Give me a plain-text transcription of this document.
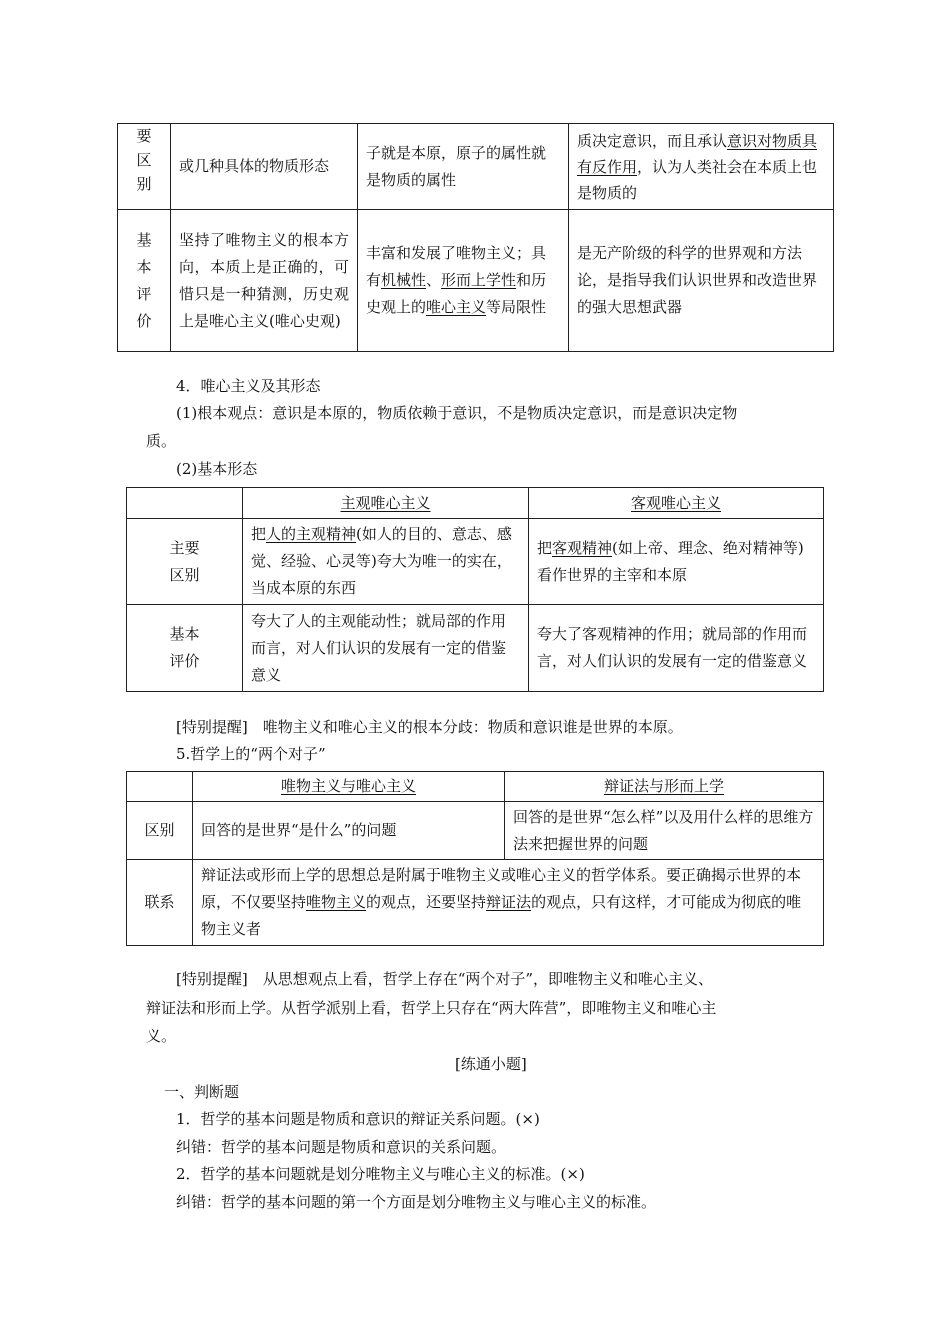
要
区
别	或几种具体的物质形态	子就是本原，原子的属性就是物质的属性	质决定意识，而且承认意识对物质具有反作用，认为人类社会在本质上也是物质的
基
本
评
价	坚持了唯物主义的根本方向，本质上是正确的，可惜只是一种猜测，历史观上是唯心主义(唯心史观)	丰富和发展了唯物主义；具有机械性、形而上学性和历史观上的唯心主义等局限性	是无产阶级的科学的世界观和方法论，是指导我们认识世界和改造世界的强大思想武器
4．唯心主义及其形态
(1)根本观点：意识是本原的，物质依赖于意识，不是物质决定意识，而是意识决定物
质。
(2)基本形态
	主观唯心主义	客观唯心主义
主要
区别	把人的主观精神(如人的目的、意志、感觉、经验、心灵等)夸大为唯一的实在，当成本原的东西	把客观精神(如上帝、理念、绝对精神等)看作世界的主宰和本原
基本
评价	夸大了人的主观能动性；就局部的作用而言，对人们认识的发展有一定的借鉴意义	夸大了客观精神的作用；就局部的作用而言，对人们认识的发展有一定的借鉴意义
[特别提醒]　唯物主义和唯心主义的根本分歧：物质和意识谁是世界的本原。
5.哲学上的“两个对子”
	唯物主义与唯心主义	辩证法与形而上学
区别	回答的是世界“是什么”的问题	回答的是世界“怎么样”以及用什么样的思维方法来把握世界的问题
联系	辩证法或形而上学的思想总是附属于唯物主义或唯心主义的哲学体系。要正确揭示世界的本原，不仅要坚持唯物主义的观点，还要坚持辩证法的观点，只有这样，才可能成为彻底的唯物主义者	
[特别提醒]　从思想观点上看，哲学上存在“两个对子”，即唯物主义和唯心主义、
辩证法和形而上学。从哲学派别上看，哲学上只存在“两大阵营”，即唯物主义和唯心主
义。
[练通小题]
一、判断题
1．哲学的基本问题是物质和意识的辩证关系问题。(×)
纠错：哲学的基本问题是物质和意识的关系问题。
2．哲学的基本问题就是划分唯物主义与唯心主义的标准。(×)
纠错：哲学的基本问题的第一个方面是划分唯物主义与唯心主义的标准。
